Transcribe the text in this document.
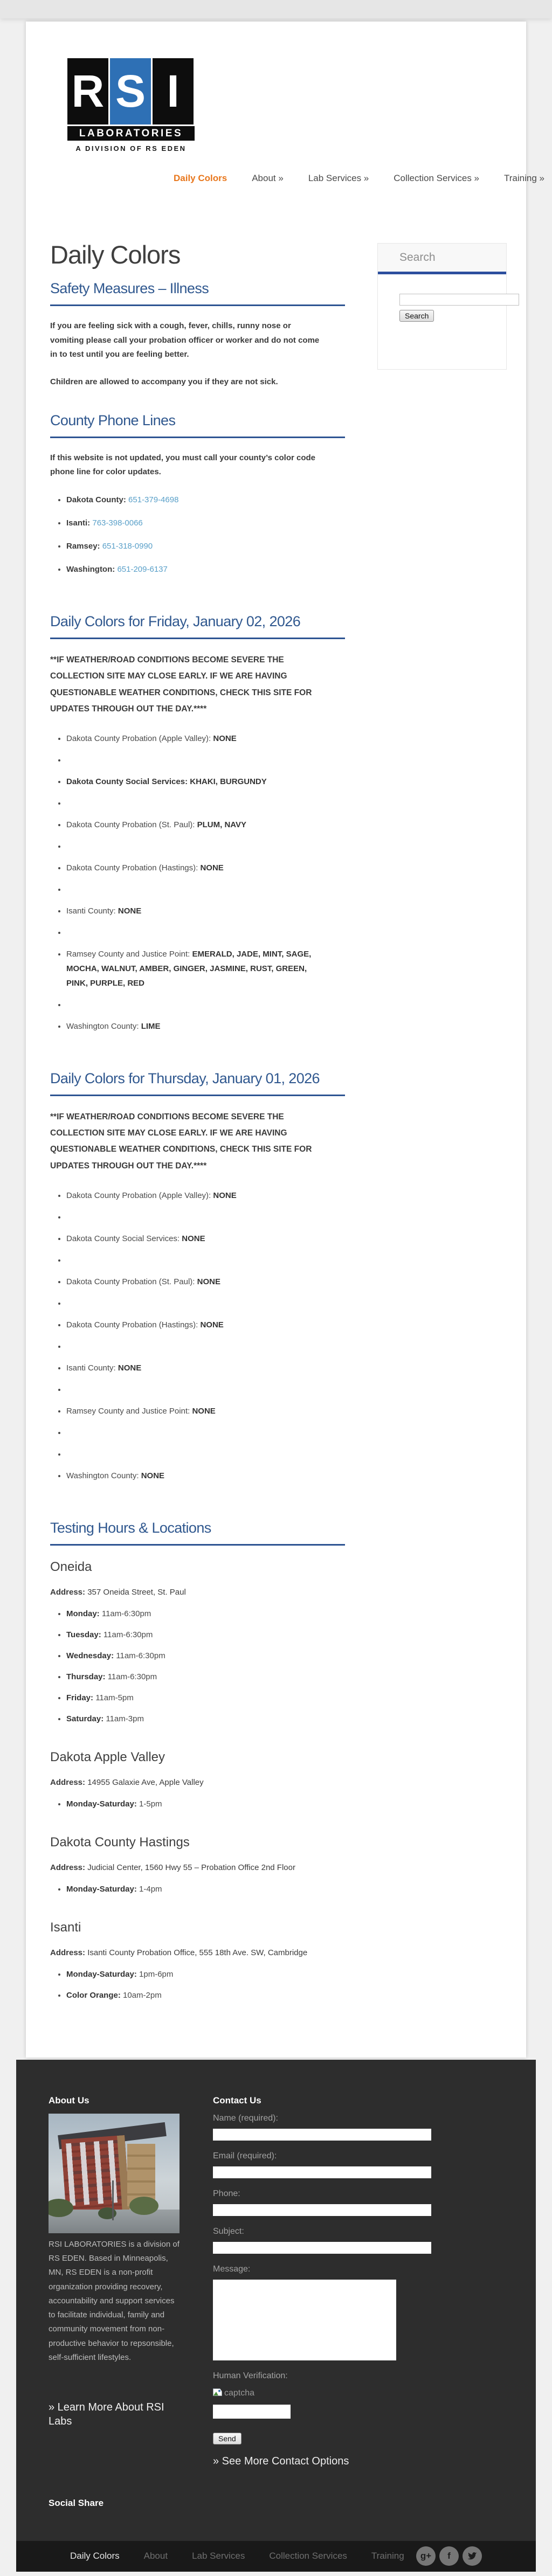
R S I
LABORATORIES
A DIVISION OF RS EDEN
Daily Colors	About »	Lab Services »	Collection Services »	Training »
Daily Colors
Safety Measures – Illness

If you are feeling sick with a cough, fever, chills, runny nose or vomiting please call your probation officer or worker and do not come in to test until you are feeling better.

Children are allowed to accompany you if they are not sick.

County Phone Lines

If this website is not updated, you must call your county’s color code phone line for color updates.

• Dakota County: 651-379-4698
• Isanti: 763-398-0066
• Ramsey: 651-318-0990
• Washington: 651-209-6137
Daily Colors for Friday, January 02, 2026

**IF WEATHER/ROAD CONDITIONS BECOME SEVERE THE COLLECTION SITE MAY CLOSE EARLY. IF WE ARE HAVING QUESTIONABLE WEATHER CONDITIONS, CHECK THIS SITE FOR UPDATES THROUGH OUT THE DAY.****

• Dakota County Probation (Apple Valley): NONE
•
• Dakota County Social Services: KHAKI, BURGUNDY
•
• Dakota County Probation (St. Paul): PLUM, NAVY
•
• Dakota County Probation (Hastings): NONE
•
• Isanti County: NONE
•
• Ramsey County and Justice Point: EMERALD, JADE, MINT, SAGE, MOCHA, WALNUT, AMBER, GINGER, JASMINE, RUST, GREEN, PINK, PURPLE, RED
•
• Washington County: LIME
Daily Colors for Thursday, January 01, 2026

**IF WEATHER/ROAD CONDITIONS BECOME SEVERE THE COLLECTION SITE MAY CLOSE EARLY. IF WE ARE HAVING QUESTIONABLE WEATHER CONDITIONS, CHECK THIS SITE FOR UPDATES THROUGH OUT THE DAY.****

• Dakota County Probation (Apple Valley): NONE
•
• Dakota County Social Services: NONE
•
• Dakota County Probation (St. Paul): NONE
•
• Dakota County Probation (Hastings): NONE
•
• Isanti County: NONE
•
• Ramsey County and Justice Point: NONE
•
•
• Washington County: NONE
Testing Hours & Locations
Oneida

Address: 357 Oneida Street, St. Paul

• Monday: 11am-6:30pm
• Tuesday: 11am-6:30pm
• Wednesday: 11am-6:30pm
• Thursday: 11am-6:30pm
• Friday: 11am-5pm
• Saturday: 11am-3pm
Dakota Apple Valley

Address: 14955 Galaxie Ave, Apple Valley

• Monday-Saturday: 1-5pm
Dakota County Hastings

Address: Judicial Center, 1560 Hwy 55 – Probation Office 2nd Floor

• Monday-Saturday: 1-4pm
Isanti

Address: Isanti County Probation Office, 555 18th Ave. SW, Cambridge

• Monday-Saturday: 1pm-6pm
• Color Orange: 10am-2pm
Search
Search
About Us

RSI LABORATORIES is a division of RS EDEN. Based in Minneapolis, MN, RS EDEN is a non-profit organization providing recovery, accountability and support services to facilitate individual, family and community movement from non-productive behavior to repsonsible, self-sufficient lifestyles.

» Learn More About RSI Labs
Contact Us
Name (required):
Email (required):
Phone:
Subject:
Message:
Human Verification:
captcha
Send
» See More Contact Options
Social Share
Daily Colors	About	Lab Services	Collection Services	Training	g+	f
